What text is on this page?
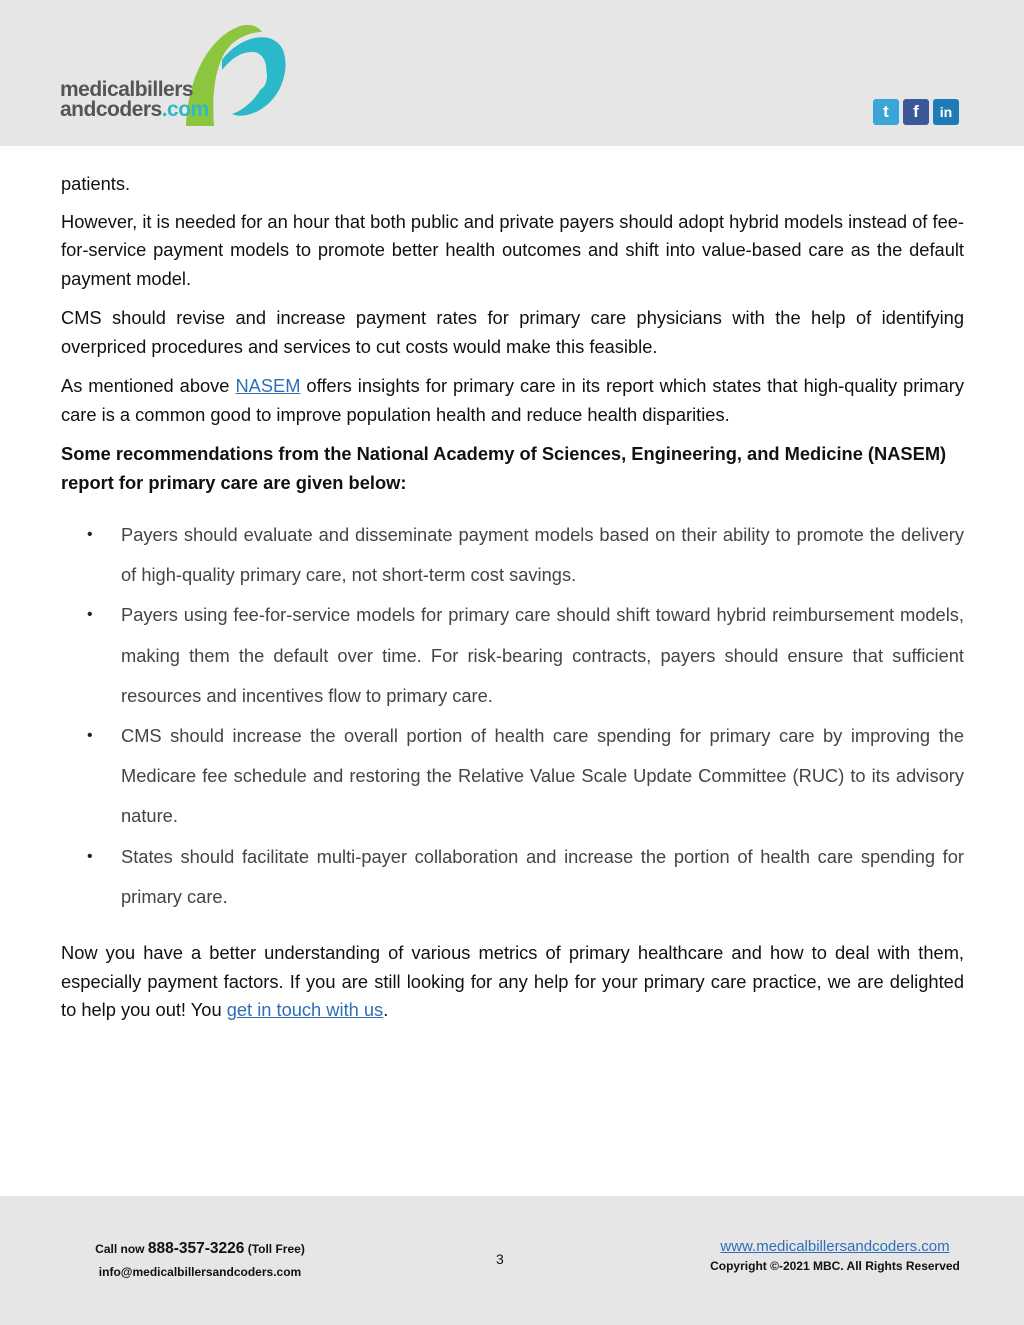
medicalbillers
andcoders.com	t	f	in

patients.

However, it is needed for an hour that both public and private payers should adopt hybrid models instead of fee-for-service payment models to promote better health outcomes and shift into value-based care as the default payment model.

CMS should revise and increase payment rates for primary care physicians with the help of identifying overpriced procedures and services to cut costs would make this feasible.

As mentioned above NASEM offers insights for primary care in its report which states that high-quality primary care is a common good to improve population health and reduce health disparities.

Some recommendations from the National Academy of Sciences, Engineering, and Medicine (NASEM) report for primary care are given below:
• Payers should evaluate and disseminate payment models based on their ability to promote the delivery of high-quality primary care, not short-term cost savings.
• Payers using fee-for-service models for primary care should shift toward hybrid reimbursement models, making them the default over time. For risk-bearing contracts, payers should ensure that sufficient resources and incentives flow to primary care.
• CMS should increase the overall portion of health care spending for primary care by improving the Medicare fee schedule and restoring the Relative Value Scale Update Committee (RUC) to its advisory nature.
• States should facilitate multi-payer collaboration and increase the portion of health care spending for primary care.

Now you have a better understanding of various metrics of primary healthcare and how to deal with them, especially payment factors. If you are still looking for any help for your primary care practice, we are delighted to help you out! You get in touch with us.

Call now 888-357-3226 (Toll Free)
info@medicalbillersandcoders.com
3
www.medicalbillersandcoders.com
Copyright ©-2021 MBC. All Rights Reserved
